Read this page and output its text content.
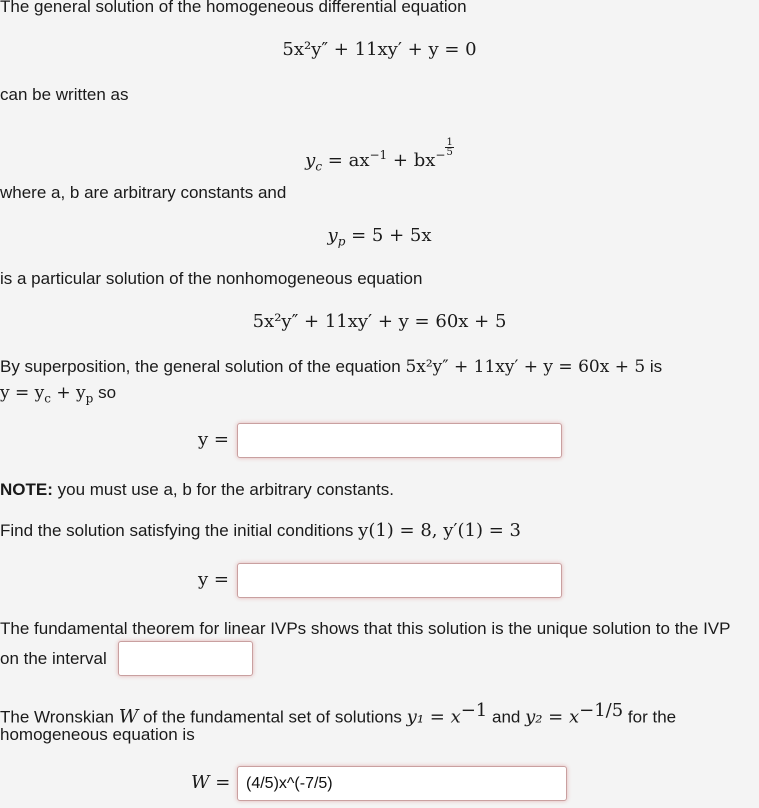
The general solution of the homogeneous differential equation
5x²y″ + 11xy′ + y = 0
can be written as
$y_c = ax^{-1} + bx^{- \frac{1}{5}}$
where a, b are arbitrary constants and
$y_p = 5 + 5x$
is a particular solution of the nonhomogeneous equation
5x²y″ + 11xy′ + y = 60x + 5
By superposition, the general solution of the equation 5x²y″ + 11xy′ + y = 60x + 5 is
$y = y_c + y_p$ so
y =
NOTE: you must use a, b for the arbitrary constants.
Find the solution satisfying the initial conditions y(1) = 8, y′(1) = 3
y =
The fundamental theorem for linear IVPs shows that this solution is the unique solution to the IVP
on the interval
The Wronskian W of the fundamental set of solutions $y_1 = x^{-1}$ and $y_2 = x^{-1/5}$ for the
homogeneous equation is
W =
(4/5)x^(-7/5)
